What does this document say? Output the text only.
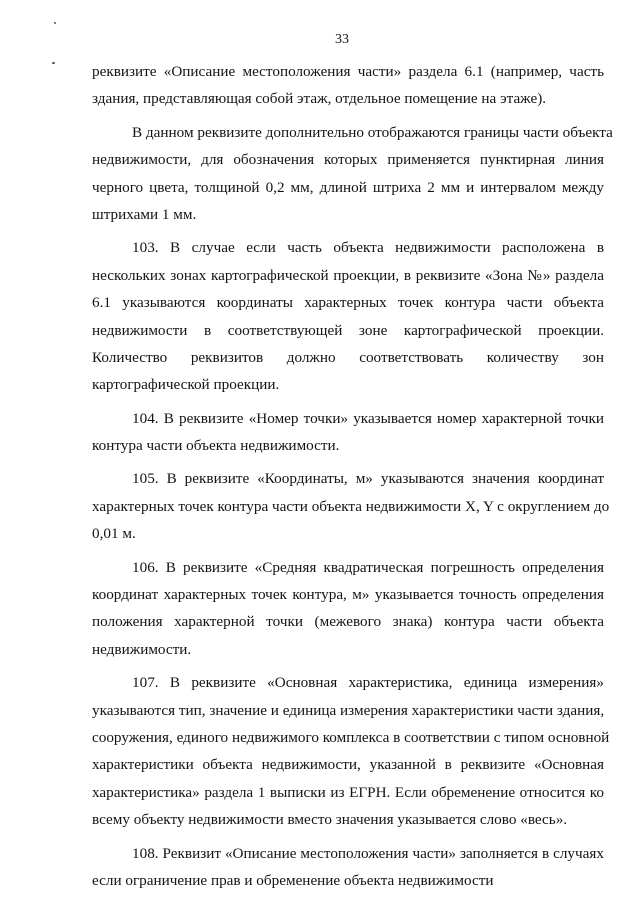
33
реквизите «Описание местоположения части» раздела 6.1 (например, часть
здания, представляющая собой этаж, отдельное помещение на этаже).
В данном реквизите дополнительно отображаются границы части объекта
недвижимости, для обозначения которых применяется пунктирная линия
черного цвета, толщиной 0,2 мм, длиной штриха 2 мм и интервалом между
штрихами 1 мм.
103. В случае если часть объекта недвижимости расположена в
нескольких зонах картографической проекции, в реквизите «Зона №» раздела
6.1 указываются координаты характерных точек контура части объекта
недвижимости в соответствующей зоне картографической проекции.
Количество реквизитов должно соответствовать количеству зон
картографической проекции.
104. В реквизите «Номер точки» указывается номер характерной точки
контура части объекта недвижимости.
105. В реквизите «Координаты, м» указываются значения координат
характерных точек контура части объекта недвижимости X, Y с округлением до
0,01 м.
106. В реквизите «Средняя квадратическая погрешность определения
координат характерных точек контура, м» указывается точность определения
положения характерной точки (межевого знака) контура части объекта
недвижимости.
107. В реквизите «Основная характеристика, единица измерения»
указываются тип, значение и единица измерения характеристики части здания,
сооружения, единого недвижимого комплекса в соответствии с типом основной
характеристики объекта недвижимости, указанной в реквизите «Основная
характеристика» раздела 1 выписки из ЕГРН. Если обременение относится ко
всему объекту недвижимости вместо значения указывается слово «весь».
108. Реквизит «Описание местоположения части» заполняется в случаях
если ограничение прав и обременение объекта недвижимости
